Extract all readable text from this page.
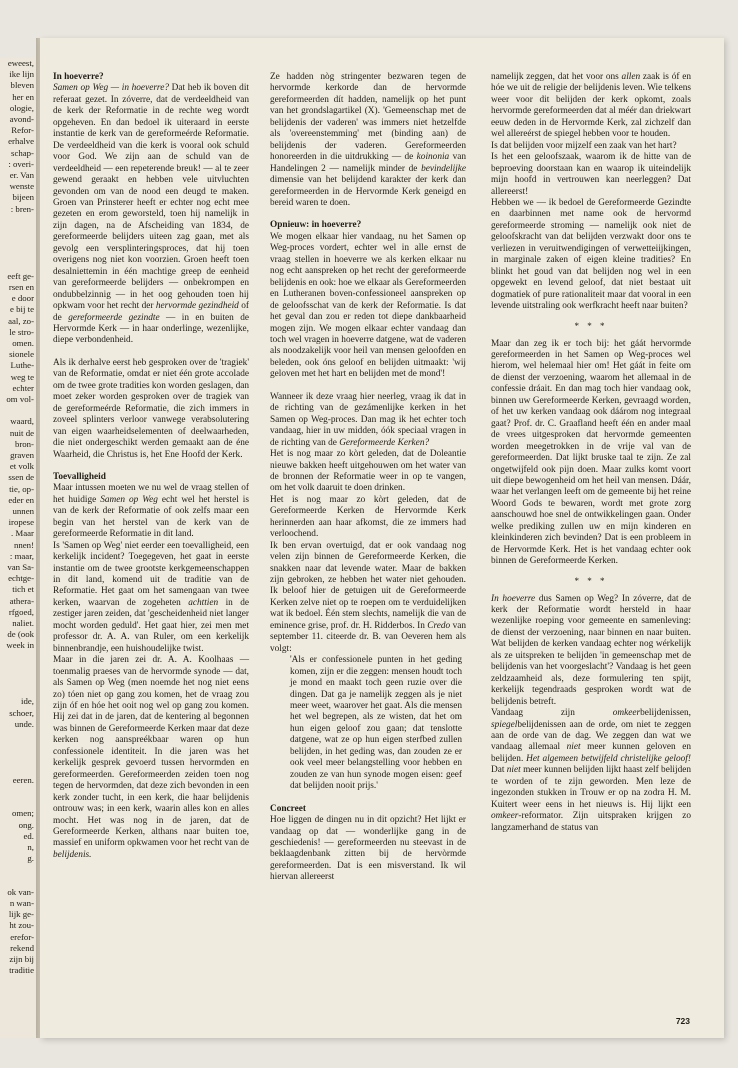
eweest,
ike lijn
bleven
her en
ologie,
avond-
Refor-
erhalve
schap-
: overi-
er. Van
wenste
bijeen
: bren-
eeft ge-
rsen en
e door
e bij te
aal, zo-
le stro-
omen.
sionele
Luthe-
weg te
echter
om vol-
waard,
nuit de
bron-
graven
et volk
ssen de
tie, op-
eder en
unnen
iropese
. Maar
nnen!
: maar,
van Sa-
echtge-
tich et
athera-
rfgoed,
naliet.
de (ook
week in
ide,
schoer,
unde.
eeren.
omen;
ong.
ed.
n,
g.
ok van-
n wan-
lijk ge-
ht zou-
erefor-
rekend
zijn bij
traditie
In hoeverre?

Samen op Weg — in hoeverre? Dat heb ik boven dit referaat gezet. In zóverre, dat de verdeeldheid van de kerk der Reformatie in de rechte weg wordt opgeheven. En dan bedoel ik uiteraard in eerste instantie de kerk van de gereformeérde Reformatie. De verdeeldheid van die kerk is vooral ook schuld voor God. We zijn aan de schuld van de verdeeldheid — een repeterende breuk! — al te zeer gewend geraakt en hebben vele uitvluchten gevonden om van de nood een deugd te maken. Groen van Prinsterer heeft er echter nog echt mee gezeten en erom geworsteld, toen hij namelijk in zijn dagen, na de Afscheiding van 1834, de gereformeerde belijders uiteen zag gaan, met als gevolg een versplinteringsproces, dat hij toen overigens nog niet kon voorzien. Groen heeft toen desalniettemin in één machtige greep de eenheid van gereformeerde belijders — onbekrompen en ondubbelzinnig — in het oog gehouden toen hij opkwam voor het recht der hervormde gezindheid of de gereformeerde gezindte — in en buiten de Hervormde Kerk — in haar onderlinge, wezenlijke, diepe verbondenheid.

Als ik derhalve eerst heb gesproken over de 'tragiek' van de Reformatie, omdat er niet één grote accolade om de twee grote tradities kon worden geslagen, dan moet zeker worden gesproken over de tragiek van de gereformeérde Reformatie, die zich immers in zoveel splinters verloor vanwege verabsolutering van eigen waarheidselementen of deelwaarheden, die niet ondergeschikt werden gemaakt aan de éne Waarheid, die Christus is, het Ene Hoofd der Kerk.

Toevalligheid

Maar intussen moeten we nu wel de vraag stellen of het huidige Samen op Weg echt wel het herstel is van de kerk der Reformatie of ook zelfs maar een begin van het herstel van de kerk van de gereformeerde Reformatie in dit land.

Is 'Samen op Weg' niet eerder een toevalligheid, een kerkelijk incident? Toegegeven, het gaat in eerste instantie om de twee grootste kerkgemeenschappen in dit land, komend uit de traditie van de Reformatie. Het gaat om het samengaan van twee kerken, waarvan de zogeheten achttien in de zestiger jaren zeiden, dat 'gescheidenheid niet langer mocht worden geduld'. Het gaat hier, zei men met professor dr. A. A. van Ruler, om een kerkelijk binnenbrandje, een huishoudelijke twist.

Maar in die jaren zei dr. A. A. Koolhaas — toenmalig praeses van de hervormde synode — dat, als Samen op Weg (men noemde het nog niet eens zo) tóen niet op gang zou komen, het de vraag zou zijn óf en hóe het ooit nog wel op gang zou komen. Hij zei dat in de jaren, dat de kentering al begonnen was binnen de Gereformeerde Kerken maar dat deze kerken nog aanspreékbaar waren op hun confessionele identiteit. In die jaren was het kerkelijk gesprek gevoerd tussen hervormden en gereformeerden. Gereformeerden zeiden toen nog tegen de hervormden, dat deze zich bevonden in een kerk zonder tucht, in een kerk, die haar belijdenis ontrouw was; in een kerk, waarin alles kon en alles mocht. Het was nog in de jaren, dat de Gereformeerde Kerken, althans naar buiten toe, massief en uniform opkwamen voor het recht van de belijdenis.

Ze hadden nòg stringenter bezwaren tegen de hervormde kerkorde dan de hervormde gereformeerden dít hadden, namelijk op het punt van het grondslagartikel (X). 'Gemeenschap met de belijdenis der vaderen' was immers niet hetzelfde als 'overeenstemming' met (binding aan) de belijdenis der vaderen. Gereformeerden honoreerden in die uitdrukking — de koinonia van Handelingen 2 — namelijk minder de bevindelijke dimensie van het belijdend karakter der kerk dan gereformeerden in de Hervormde Kerk geneigd en bereid waren te doen.

Opnieuw: in hoeverre?

We mogen elkaar hier vandaag, nu het Samen op Weg-proces vordert, echter wel in alle ernst de vraag stellen in hoeverre we als kerken elkaar nu nog echt aanspreken op het recht der gereformeerde belijdenis en ook: hoe we elkaar als Gereformeerden en Lutheranen boven-confessioneel aanspreken op de geloofsschat van de kerk der Reformatie. Is dat het geval dan zou er reden tot diepe dankbaarheid mogen zijn. We mogen elkaar echter vandaag dan toch wel vragen in hoeverre datgene, wat de vaderen als noodzakelijk voor heil van mensen geloofden en beleden, ook óns geloof en belijden uitmaakt: 'wij geloven met het hart en belijden met de mond'!

Wanneer ik deze vraag hier neerleg, vraag ik dat in de richting van de gezámenlijke kerken in het Samen op Weg-proces. Dan mag ik het echter toch vandaag, hier in uw midden, óók speciaal vragen in de richting van de Gereformeerde Kerken?

Het is nog maar zo kòrt geleden, dat de Doleantie nieuwe bakken heeft uitgehouwen om het water van de bronnen der Reformatie weer in op te vangen, om het volk daaruit te doen drinken.

Het is nog maar zo kòrt geleden, dat de Gereformeerde Kerken de Hervormde Kerk herinnerden aan haar afkomst, die ze immers had verloochend.

Ik ben ervan overtuigd, dat er ook vandaag nog velen zijn binnen de Gereformeerde Kerken, die snakken naar dat levende water. Maar de bakken zijn gebroken, ze hebben het water niet gehouden. Ik beloof hier de getuigen uit de Gereformeerde Kerken zelve niet op te roepen om te verduidelijken wat ik bedoel. Één stem slechts, namelijk die van de eminence grise, prof. dr. H. Ridderbos. In Credo van september 11. citeerde dr. B. van Oeveren hem als volgt:

'Als er confessionele punten in het geding komen, zijn er die zeggen: mensen houdt toch je mond en maakt toch geen ruzie over die dingen. Dat ga je namelijk zeggen als je niet meer weet, waarover het gaat. Als die mensen het wel begrepen, als ze wisten, dat het om hun eigen geloof zou gaan; dat tenslotte datgene, wat ze op hun eigen sterfbed zullen belijden, in het geding was, dan zouden ze er ook veel meer belangstelling voor hebben en zouden ze van hun synode mogen eisen: geef dat belijden nooit prijs.'

Concreet

Hoe liggen de dingen nu in dit opzicht? Het lijkt er vandaag op dat — wonderlijke gang in de geschiedenis! — gereformeerden nu steevast in de beklaagdenbank zitten bij de hervòrmde gereformeerden. Dat is een misverstand. Ik wil hiervan allereerst

namelijk zeggen, dat het voor ons allen zaak is óf en hóe we uit de religie der belijdenis leven. Wie telkens weer voor dit belijden der kerk opkomt, zoals hervormde gereformeerden dat al méér dan driekwart eeuw deden in de Hervormde Kerk, zal zichzelf dan wel allereérst de spiegel hebben voor te houden.

Is dat belijden voor mijzelf een zaak van het hart?

Is het een geloofszaak, waarom ik de hitte van de beproeving doorstaan kan en waarop ik uiteindelijk mijn hoofd in vertrouwen kan neerleggen? Dat allereerst!

Hebben we — ik bedoel de Gereformeerde Gezindte en daarbinnen met name ook de hervormd gereformeerde stroming — namelijk ook niet de geloofskracht van dat belijden verzwakt door ons te verliezen in veruitwendigingen of verwetteiijkingen, in marginale zaken of eigen kleine tradities? En blinkt het goud van dat belijden nog wel in een opgewekt en levend geloof, dat niet bestaat uit dogmatiek of pure rationaliteit maar dat vooral in een levende uitstraling ook werfkracht heeft naar buiten?

* * *

Maar dan zeg ik er toch bij: het gáát hervormde gereformeerden in het Samen op Weg-proces wel hierom, wel helemaal hier om! Het gáát in feite om de dienst der verzoening, waarom het allemaal in de confessie dráait. En dan mag toch hier vandaag ook, binnen uw Gereformeerde Kerken, gevraagd worden, of het uw kerken vandaag ook dáárom nog integraal gaat? Prof. dr. C. Graafland heeft één en ander maal de vrees uitgesproken dat hervormde gemeenten worden meegetrokken in de vrije val van de gereformeerden. Dat lijkt bruske taal te zijn. Ze zal ongetwijfeld ook pijn doen. Maar zulks komt voort uit diepe bewogenheid om het heil van mensen. Dáár, waar het verlangen leeft om de gemeente bij het reine Woord Gods te bewaren, wordt met grote zorg aanschouwd hoe snel de ontwikkelingen gaan. Onder welke prediking zullen uw en mijn kinderen en kleinkinderen zich bevinden? Dat is een probleem in de Hervormde Kerk. Het is het vandaag echter ook binnen de Gereformeerde Kerken.

* * *

In hoeverre dus Samen op Weg? In zóverre, dat de kerk der Reformatie wordt hersteld in haar wezenlijke roeping voor gemeente en samenleving: de dienst der verzoening, naar binnen en naar buiten. Wat belijden de kerken vandaag echter nog wérkelijk als ze uitspreken te belijden 'in gemeenschap met de belijdenis van het voorgeslacht'? Vandaag is het geen zeldzaamheid als, deze formulering ten spijt, kerkelijk tegendraads gesproken wordt wat de belijdenis betreft.

Vandaag zijn omkeerbelijdenissen, spiegelbelijdenissen aan de orde, om niet te zeggen aan de orde van de dag. We zeggen dan wat we vandaag allemaal niet meer kunnen geloven en belijden. Het algemeen betwijfeld christelijke geloof! Dat niet meer kunnen belijden lijkt haast zelf belijden te worden of te zijn geworden. Men leze de ingezonden stukken in Trouw er op na zodra H. M. Kuitert weer eens in het nieuws is. Hij lijkt een omkeer-reformator. Zijn uitspraken krijgen zo langzamerhand de status van

723
